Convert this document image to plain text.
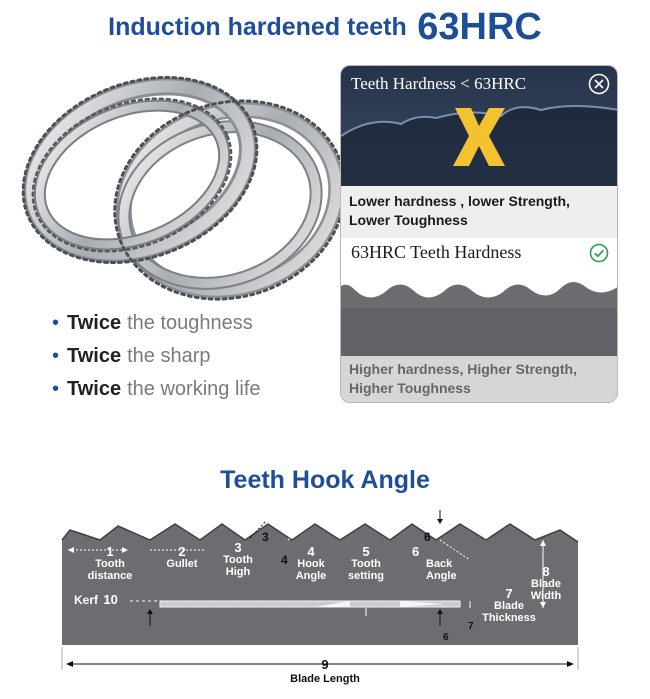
Induction hardened teeth 63HRC
• Twice the toughness
• Twice the sharp
• Twice the working life
Teeth Hardness < 63HRC
Lower hardness , lower Strength,
Lower Toughness
63HRC Teeth Hardness
Higher hardness, Higher Strength,
Higher Toughness
Teeth Hook Angle
1
Tooth
distance
2
Gullet
3
Tooth
High
3
4
4
Hook
Angle
5
Tooth
setting
6
6
Back
Angle	8
Blade
Width
7
Blade
Thickness
Kerf 10
6
7
9
Blade Length
